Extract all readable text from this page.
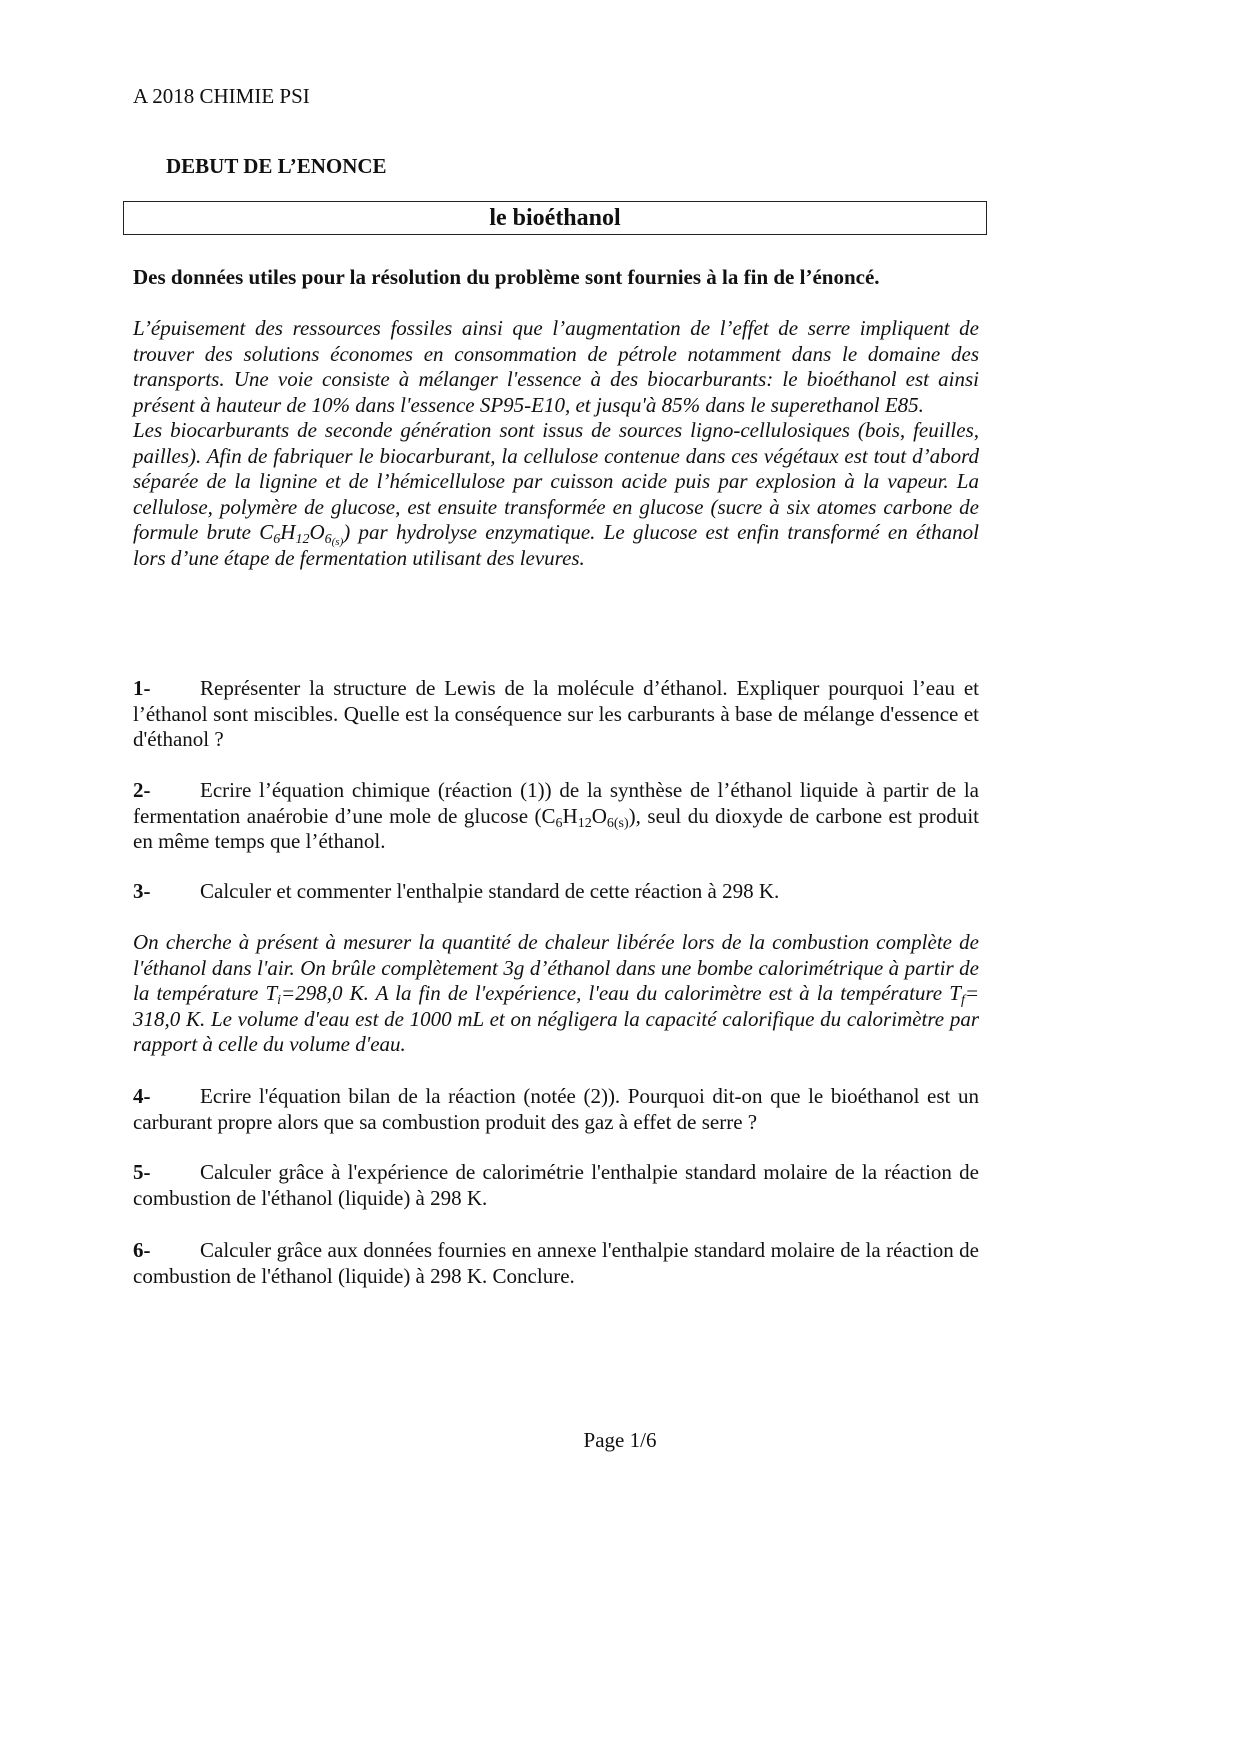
A 2018 CHIMIE PSI
DEBUT DE L’ENONCE
le bioéthanol
Des données utiles pour la résolution du problème sont fournies à la fin de l’énoncé.

L’épuisement des ressources fossiles ainsi que l’augmentation de l’effet de serre impliquent de trouver des solutions économes en consommation de pétrole notamment dans le domaine des transports. Une voie consiste à mélanger l'essence à des biocarburants: le bioéthanol est ainsi présent à hauteur de 10% dans l'essence SP95-E10, et jusqu'à 85% dans le superethanol E85.

Les biocarburants de seconde génération sont issus de sources ligno-cellulosiques (bois, feuilles, pailles). Afin de fabriquer le biocarburant, la cellulose contenue dans ces végétaux est tout d’abord séparée de la lignine et de l’hémicellulose par cuisson acide puis par explosion à la vapeur. La cellulose, polymère de glucose, est ensuite transformée en glucose (sucre à six atomes carbone de formule brute $C_6H_{12}O_{6_{(s)}}$) par hydrolyse enzymatique. Le glucose est enfin transformé en éthanol lors d’une étape de fermentation utilisant des levures.

1- Représenter la structure de Lewis de la molécule d’éthanol. Expliquer pourquoi l’eau et l’éthanol sont miscibles. Quelle est la conséquence sur les carburants à base de mélange d'essence et d'éthanol ?
2- Ecrire l’équation chimique (réaction (1)) de la synthèse de l’éthanol liquide à partir de la fermentation anaérobie d’une mole de glucose $(C_6H_{12}O_{6(s)})$, seul du dioxyde de carbone est produit en même temps que l’éthanol.
3- Calculer et commenter l'enthalpie standard de cette réaction à 298 K.
On cherche à présent à mesurer la quantité de chaleur libérée lors de la combustion complète de l'éthanol dans l'air. On brûle complètement 3g d’éthanol dans une bombe calorimétrique à partir de la température $T_i=298,0$ K. A la fin de l'expérience, l'eau du calorimètre est à la température $T_f= 318,0$ K. Le volume d'eau est de 1000 mL et on négligera la capacité calorifique du calorimètre par rapport à celle du volume d'eau.
4- Ecrire l'équation bilan de la réaction (notée (2)). Pourquoi dit-on que le bioéthanol est un carburant propre alors que sa combustion produit des gaz à effet de serre ?
5- Calculer grâce à l'expérience de calorimétrie l'enthalpie standard molaire de la réaction de combustion de l'éthanol (liquide) à 298 K.
6- Calculer grâce aux données fournies en annexe l'enthalpie standard molaire de la réaction de combustion de l'éthanol (liquide) à 298 K. Conclure.
Page 1/6
